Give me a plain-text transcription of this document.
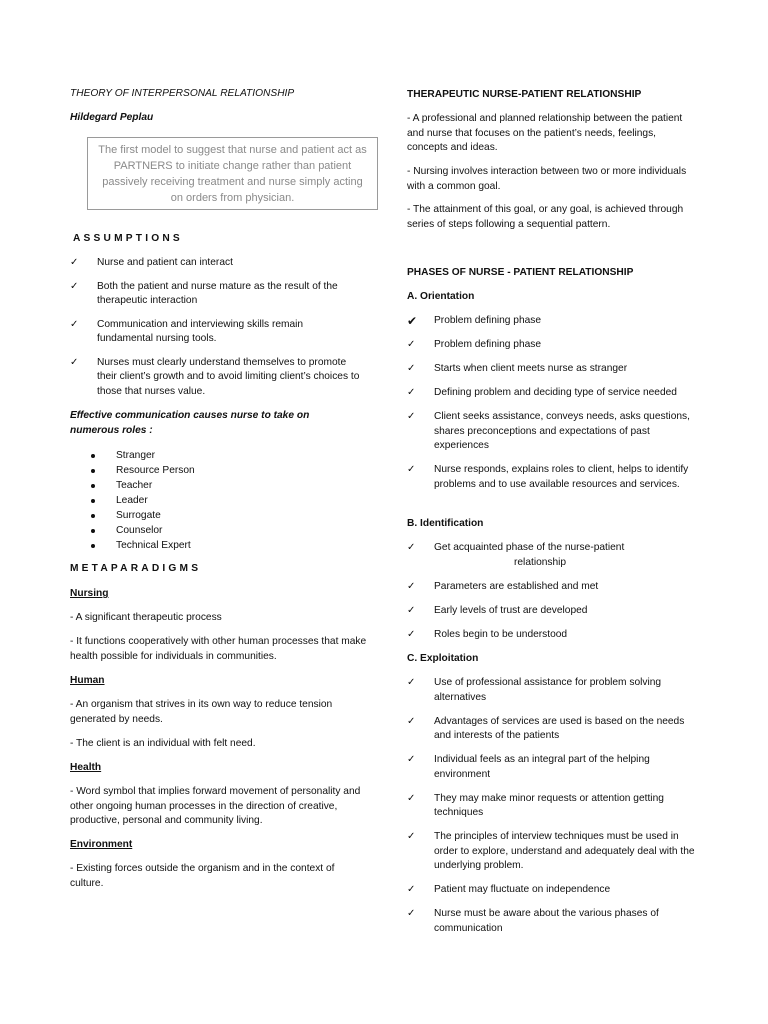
THEORY OF INTERPERSONAL RELATIONSHIP
Hildegard Peplau
The first model to suggest that nurse and patient act as PARTNERS to initiate change rather than patient passively receiving treatment and nurse simply acting on orders from physician.
ASSUMPTIONS
✓	Nurse and patient can interact
✓	Both the patient and nurse mature as the result of the therapeutic interaction
✓	Communication and interviewing skills remain fundamental nursing tools.
✓	Nurses must clearly understand themselves to promote their client’s growth and to avoid limiting client’s choices to those that nurses value.
Effective communication causes nurse to take on numerous roles :
Stranger
Resource Person
Teacher
Leader
Surrogate
Counselor
Technical Expert
METAPARADIGMS
Nursing
- A significant therapeutic process
- It functions cooperatively with other human processes that make health possible for individuals in communities.
Human
- An organism that strives in its own way to reduce tension generated by needs.
- The client is an individual with felt need.
Health
- Word symbol that implies forward movement of personality and other ongoing human processes in the direction of creative, productive, personal and community living.
Environment
- Existing forces outside the organism and in the context of culture.
THERAPEUTIC NURSE-PATIENT RELATIONSHIP
- A professional and planned relationship between the patient and nurse that focuses on the patient’s needs, feelings, concepts and ideas.
- Nursing involves interaction between two or more individuals with a common goal.
- The attainment of this goal, or any goal, is achieved through series of steps following a sequential pattern.
PHASES OF NURSE - PATIENT RELATIONSHIP
A. Orientation
✔	Problem defining phase
✓	Problem defining phase
✓	Starts when client meets nurse as stranger
✓	Defining problem and deciding type of service needed
✓	Client seeks assistance, conveys needs, asks questions, shares preconceptions and expectations of past experiences
✓	Nurse responds, explains roles to client, helps to identify problems and to use available resources and services.
B. Identification
✓	Get acquainted phase of the nurse-patient
relationship
✓	Parameters are established and met
✓	Early levels of trust are developed
✓	Roles begin to be understood
C. Exploitation
✓	Use of professional assistance for problem solving alternatives
✓	Advantages of services are used is based on the needs and interests of the patients
✓	Individual feels as an integral part of the helping environment
✓	They may make minor requests or attention getting techniques
✓	The principles of interview techniques must be used in order to explore, understand and adequately deal with the underlying problem.
✓	Patient may fluctuate on independence
✓	Nurse must be aware about the various phases of communication
